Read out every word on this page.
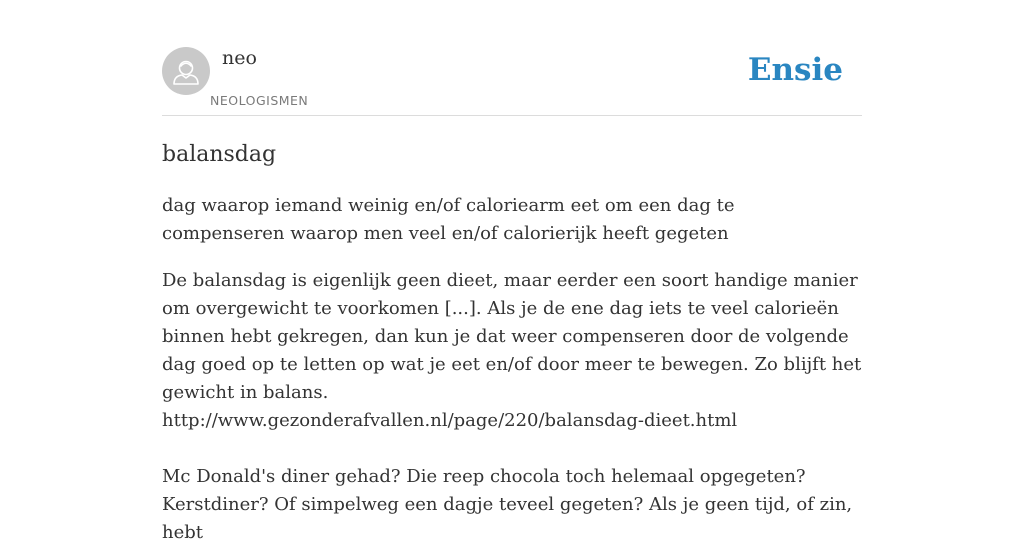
neo
NEOLOGISMEN
Ensie
balansdag

dag waarop iemand weinig en/of caloriearm eet om een dag te compenseren waarop men veel en/of calorierijk heeft gegeten

De balansdag is eigenlijk geen dieet, maar eerder een soort handige manier om overgewicht te voorkomen [...]. Als je de ene dag iets te veel calorieën binnen hebt gekregen, dan kun je dat weer compenseren door de volgende dag goed op te letten op wat je eet en/of door meer te bewegen. Zo blijft het gewicht in balans.
http://www.gezonderafvallen.nl/page/220/balansdag-dieet.html
Mc Donald's diner gehad? Die reep chocola toch helemaal opgegeten? Kerstdiner? Of simpelweg een dagje teveel gegeten? Als je geen tijd, of zin, hebt
